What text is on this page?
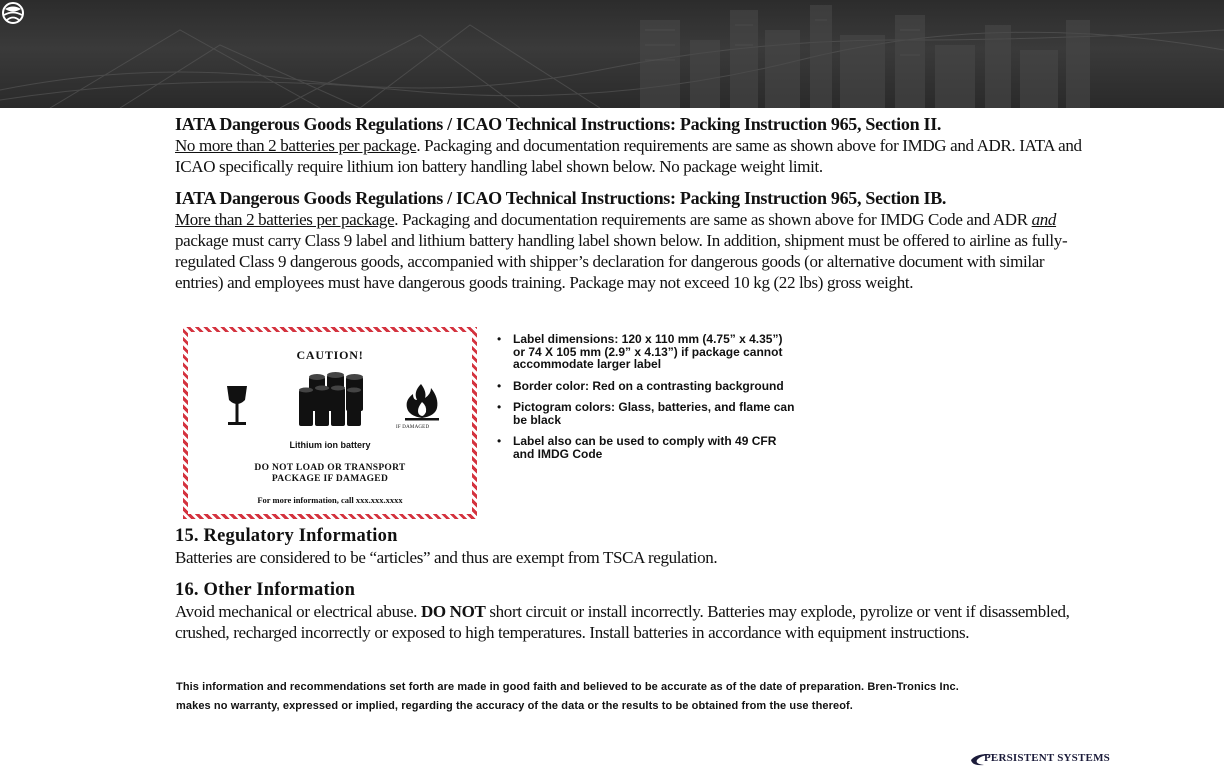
IATA Dangerous Goods Regulations / ICAO Technical Instructions: Packing Instruction 965, Section II.

No more than 2 batteries per package. Packaging and documentation requirements are same as shown above for IMDG and ADR. IATA and ICAO specifically require lithium ion battery handling label shown below. No package weight limit.

IATA Dangerous Goods Regulations / ICAO Technical Instructions: Packing Instruction 965, Section IB.

More than 2 batteries per package. Packaging and documentation requirements are same as shown above for IMDG Code and ADR and package must carry Class 9 label and lithium battery handling label shown below. In addition, shipment must be offered to airline as fully-regulated Class 9 dangerous goods, accompanied with shipper’s declaration for dangerous goods (or alternative document with similar entries) and employees must have dangerous goods training. Package may not exceed 10 kg (22 lbs) gross weight.

CAUTION!
IF DAMAGED
Lithium ion battery
DO NOT LOAD OR TRANSPORT
PACKAGE IF DAMAGED
For more information, call xxx.xxx.xxxx
• Label dimensions: 120 x 110 mm (4.75” x 4.35”) or 74 X 105 mm (2.9” x 4.13”) if package cannot accommodate larger label
• Border color: Red on a contrasting background
• Pictogram colors: Glass, batteries, and flame can be black
• Label also can be used to comply with 49 CFR and IMDG Code

15. Regulatory Information

Batteries are considered to be “articles” and thus are exempt from TSCA regulation.

16. Other Information

Avoid mechanical or electrical abuse. DO NOT short circuit or install incorrectly. Batteries may explode, pyrolize or vent if disassembled, crushed, recharged incorrectly or exposed to high temperatures. Install batteries in accordance with equipment instructions.

This information and recommendations set forth are made in good faith and believed to be accurate as of the date of preparation. Bren-Tronics Inc.
makes no warranty, expressed or implied, regarding the accuracy of the data or the results to be obtained from the use thereof.
PERSISTENT SYSTEMS
